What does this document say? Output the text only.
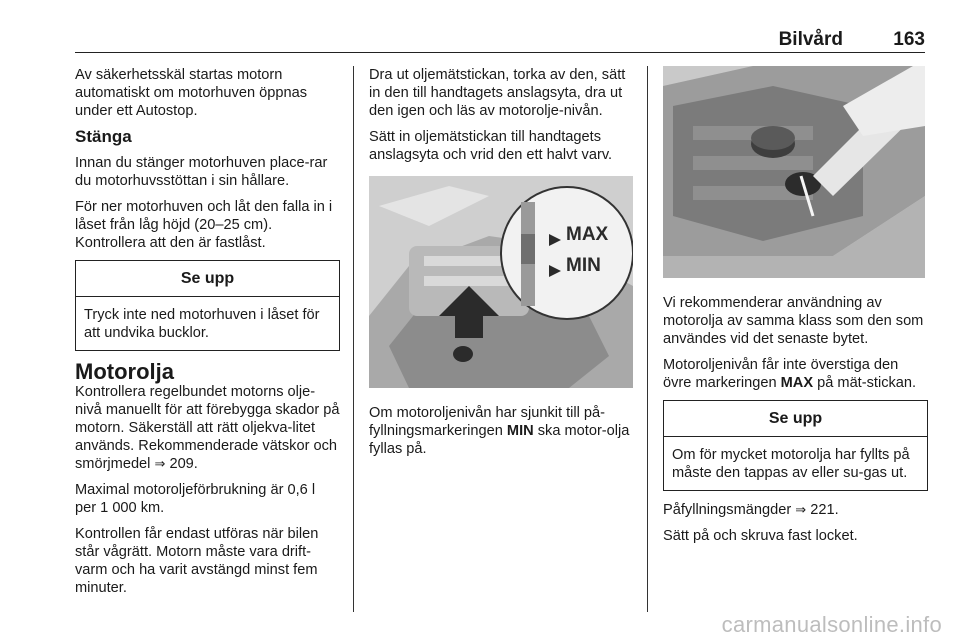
Bilvård	163

Av säkerhetsskäl startas motorn automatiskt om motorhuven öppnas under ett Autostop.

Stänga

Innan du stänger motorhuven place-rar du motorhuvsstöttan i sin hållare.

För ner motorhuven och låt den falla in i låset från låg höjd (20–25 cm). Kontrollera att den är fastlåst.

Se upp
Tryck inte ned motorhuven i låset för att undvika bucklor.
Motorolja

Kontrollera regelbundet motorns olje-nivå manuellt för att förebygga skador på motorn. Säkerställ att rätt oljekva-litet används. Rekommenderade vätskor och smörjmedel ⇒ 209.

Maximal motoroljeförbrukning är 0,6 l per 1 000 km.

Kontrollen får endast utföras när bilen står vågrätt. Motorn måste vara drift-varm och ha varit avstängd minst fem minuter.

Dra ut oljemätstickan, torka av den, sätt in den till handtagets anslagsyta, dra ut den igen och läs av motorolje-nivån.

Sätt in oljemätstickan till handtagets anslagsyta och vrid den ett halvt varv.

MAX
MIN

Om motoroljenivån har sjunkit till på-fyllningsmarkeringen MIN ska motor-olja fyllas på.

Vi rekommenderar användning av motorolja av samma klass som den som användes vid det senaste bytet.

Motoroljenivån får inte överstiga den övre markeringen MAX på mät-stickan.

Se upp
Om för mycket motorolja har fyllts på måste den tappas av eller su-gas ut.

Påfyllningsmängder ⇒ 221.

Sätt på och skruva fast locket.

carmanualsonline.info
